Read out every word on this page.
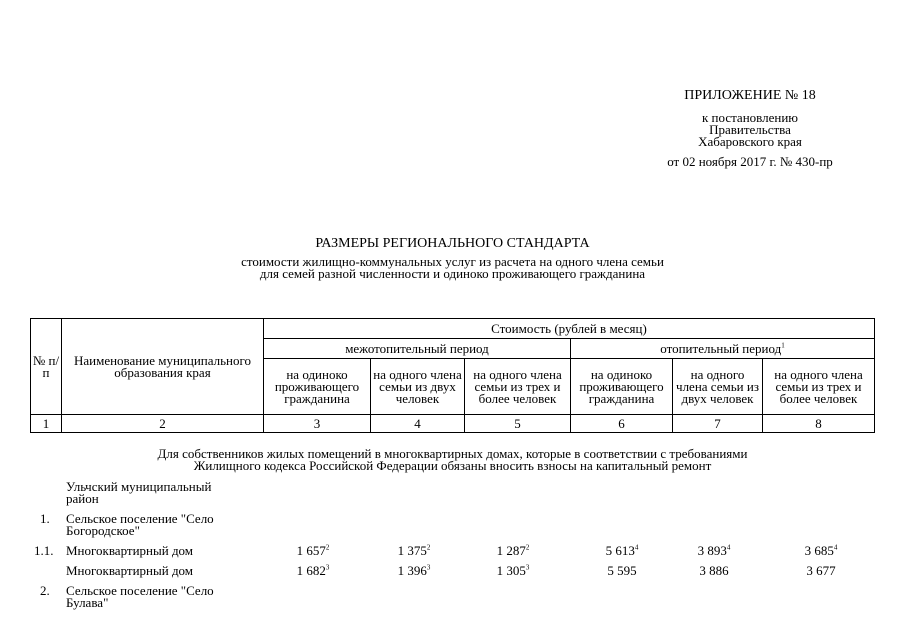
ПРИЛОЖЕНИЕ № 18
к постановлению
Правительства
Хабаровского края
от 02 ноября 2017 г. № 430-пр
РАЗМЕРЫ РЕГИОНАЛЬНОГО СТАНДАРТА
стоимости жилищно-коммунальных услуг из расчета на одного члена семьи
для семей разной численности и одиноко проживающего гражданина
№ п/п	Наименование муниципального образования края	Стоимость (рублей в месяц)					
		межотопительный период			отопительный период$^1$
		на одиноко проживающего гражданина	на одного члена семьи из двух человек	на одного члена семьи из трех и более человек	на одиноко проживающего гражданина	на одного члена семьи из двух человек	на одного члена семьи из трех и более человек
1	2	3	4	5	6	7	8
Для собственников жилых помещений в многоквартирных домах, которые в соответствии с требованиями
Жилищного кодекса Российской Федерации обязаны вносить взносы на капитальный ремонт
Ульчский муниципальный
район
1. Сельское поселение "Село
Богородское"
1.1. Многоквартирный дом	1 $657^2$	1 $375^2$	1 $287^2$	5 $613^4$	3 $893^4$	3 $685^4$
Многоквартирный дом	1 $682^3$	1 $396^3$	1 $305^3$	5 595	3 886	3 677
2. Сельское поселение "Село
Булава"
